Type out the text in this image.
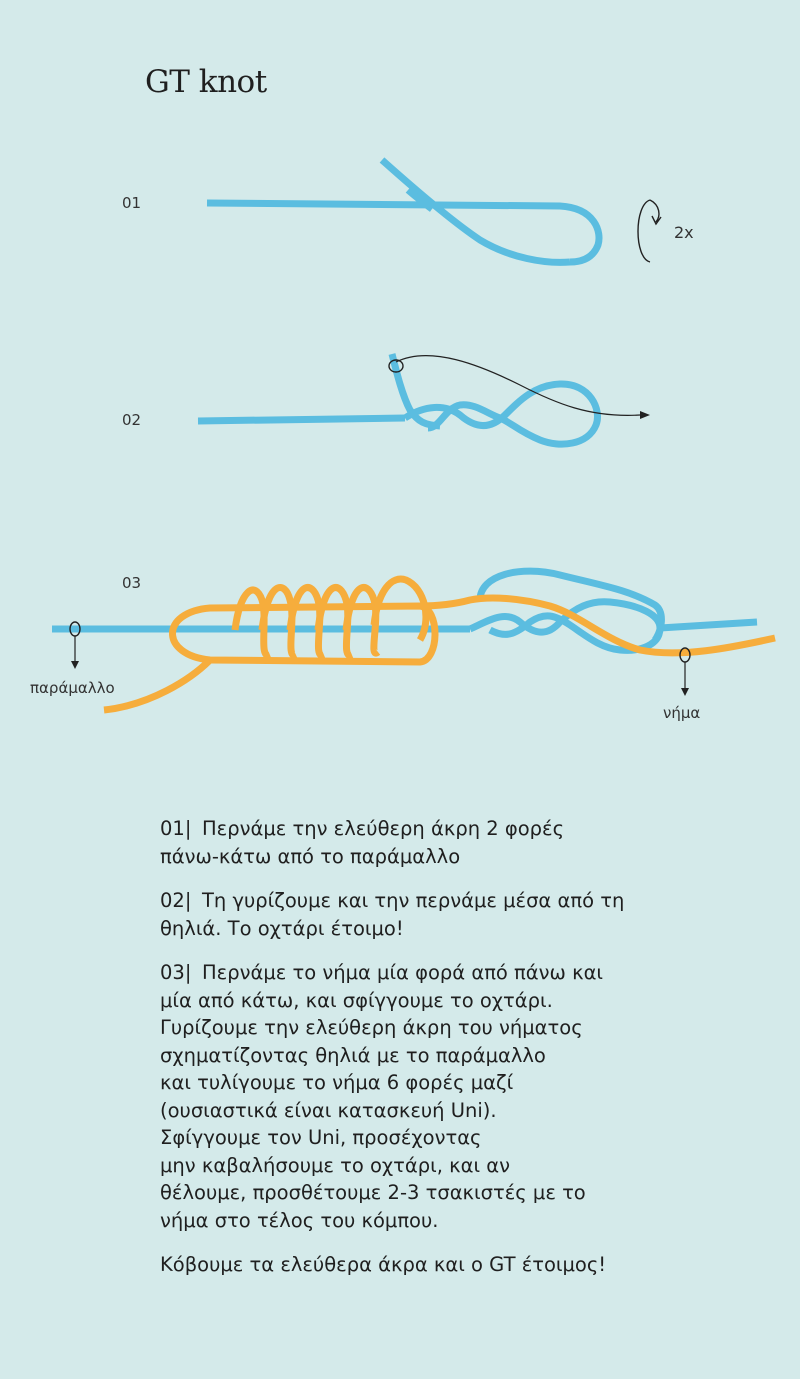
GT knot
01
02
03
2x
παράμαλλο
νήμα
01| Περνάμε την ελεύθερη άκρη 2 φορές
πάνω-κάτω από το παράμαλλο
02| Τη γυρίζουμε και την περνάμε μέσα από τη
θηλιά. Το οχτάρι έτοιμο!
03| Περνάμε το νήμα μία φορά από πάνω και
μία από κάτω, και σφίγγουμε το οχτάρι.
Γυρίζουμε την ελεύθερη άκρη του νήματος
σχηματίζοντας θηλιά με το παράμαλλο
και τυλίγουμε το νήμα 6 φορές μαζί
(ουσιαστικά είναι κατασκευή Uni).
Σφίγγουμε τον Uni, προσέχοντας
μην καβαλήσουμε το οχτάρι, και αν
θέλουμε, προσθέτουμε 2-3 τσακιστές με το
νήμα στο τέλος του κόμπου.
Κόβουμε τα ελεύθερα άκρα και ο GT έτοιμος!
